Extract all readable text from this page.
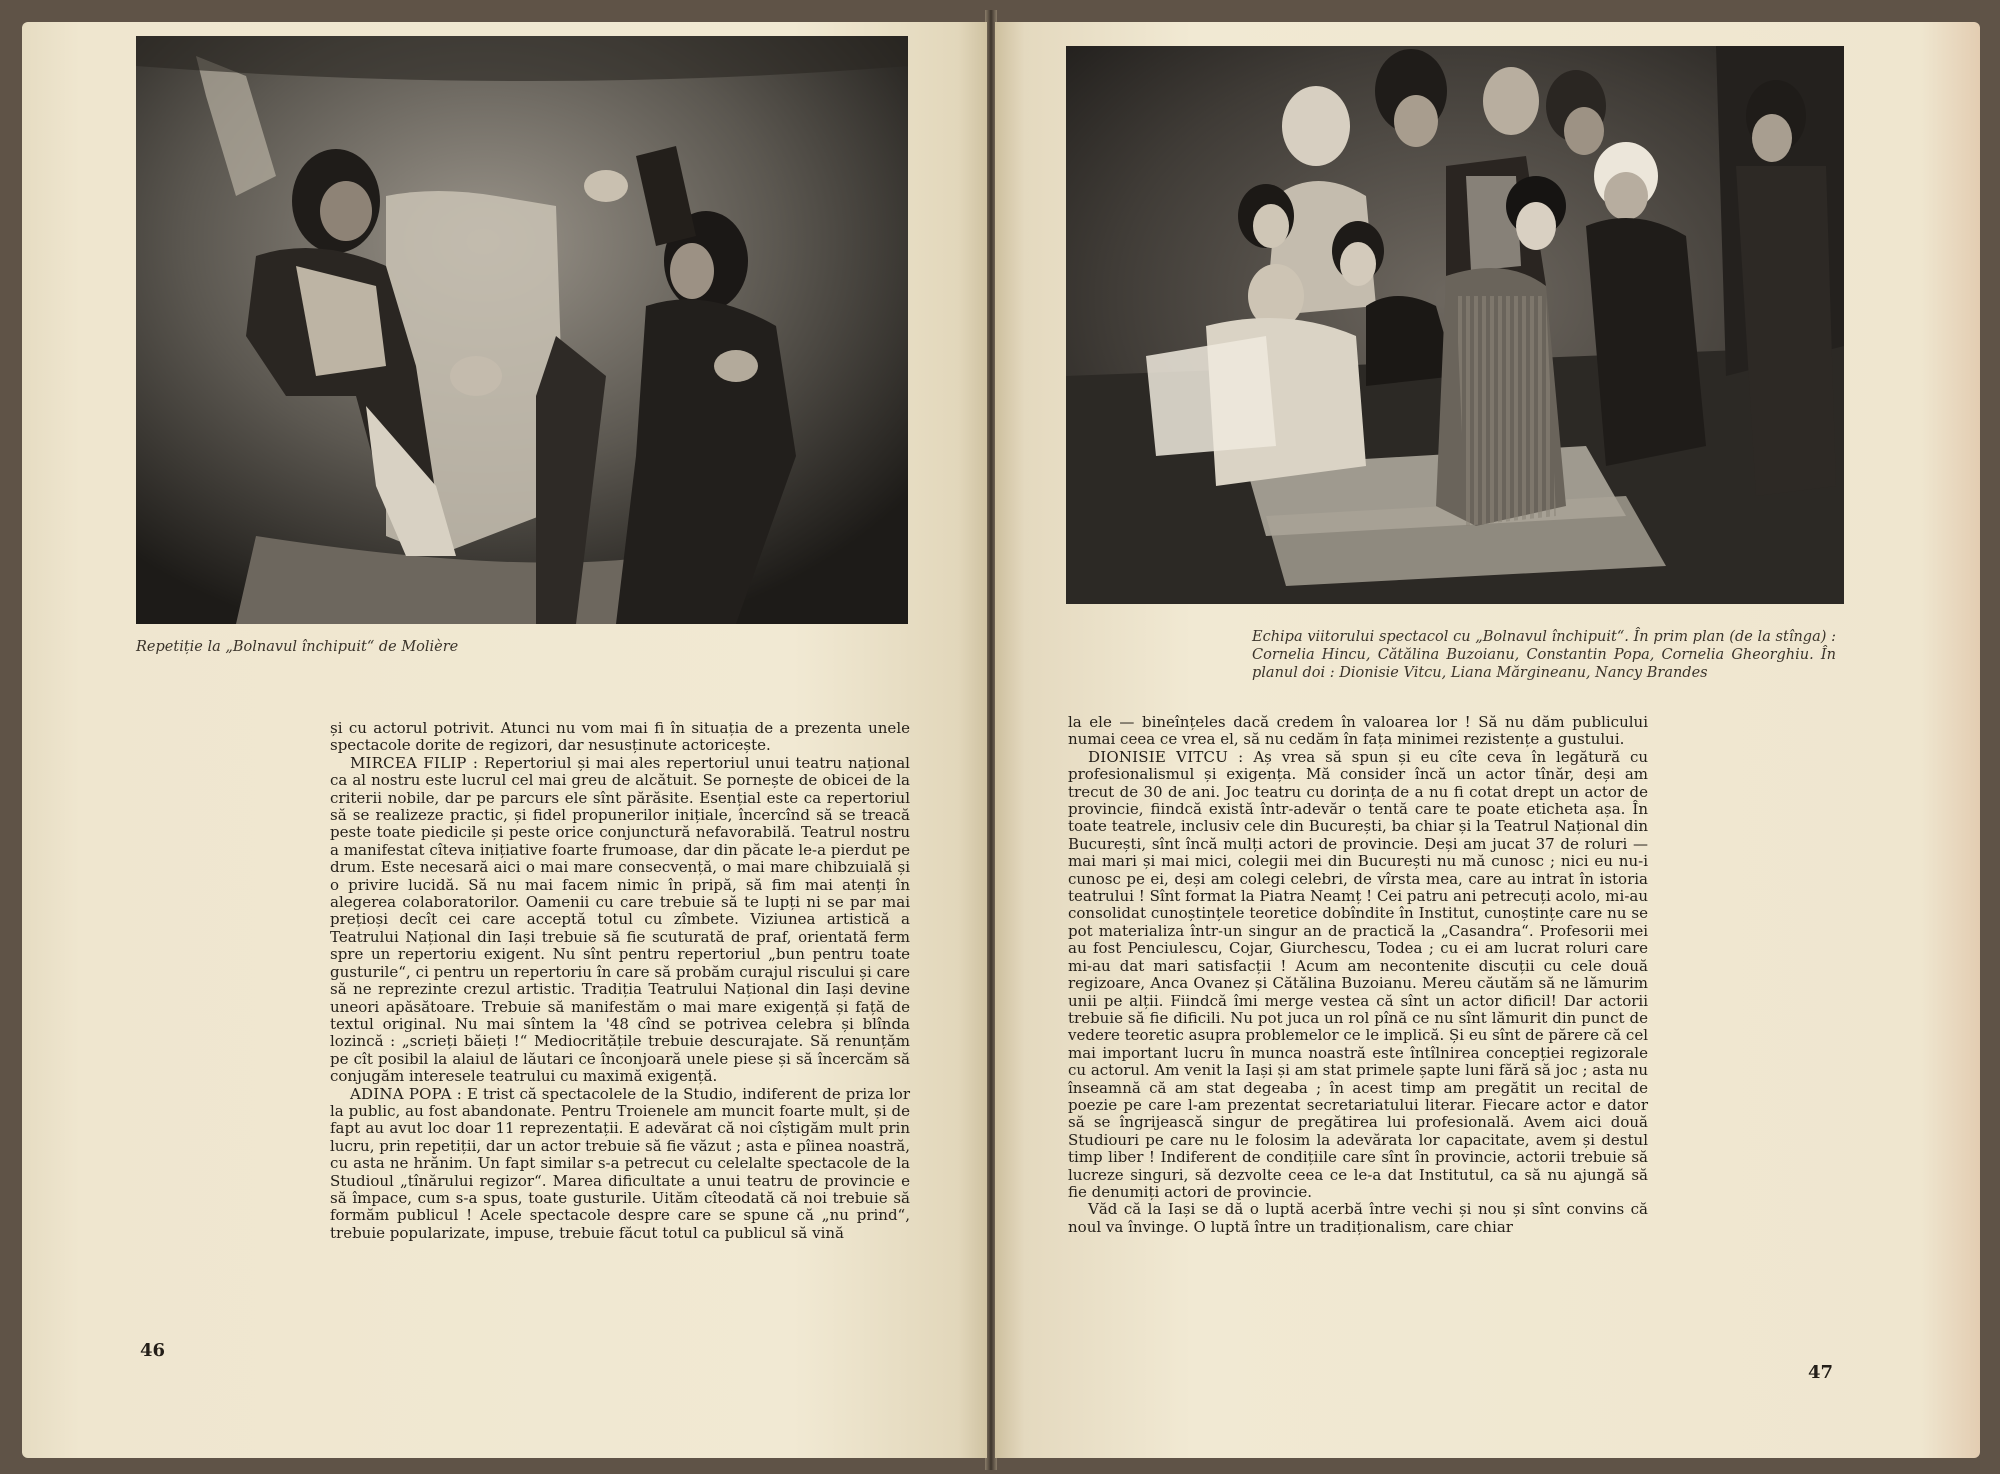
Repetiție la „Bolnavul închipuit“ de Molière

și cu actorul potrivit. Atunci nu vom mai fi în situația de a prezenta unele spectacole dorite de regizori, dar nesusținute actoricește.

MIRCEA FILIP : Repertoriul și mai ales repertoriul unui teatru național ca al nostru este lucrul cel mai greu de alcătuit. Se pornește de obicei de la criterii nobile, dar pe parcurs ele sînt părăsite. Esențial este ca repertoriul să se realizeze practic, și fidel propunerilor inițiale, încercînd să se treacă peste toate piedicile și peste orice conjunctură nefavorabilă. Teatrul nostru a manifestat cîteva inițiative foarte frumoase, dar din păcate le-a pierdut pe drum. Este necesară aici o mai mare consecvență, o mai mare chibzuială și o privire lucidă. Să nu mai facem nimic în pripă, să fim mai atenți în alegerea colaboratorilor. Oamenii cu care trebuie să te lupți ni se par mai prețioși decît cei care acceptă totul cu zîmbete. Viziunea artistică a Teatrului Național din Iași trebuie să fie scuturată de praf, orientată ferm spre un repertoriu exigent. Nu sînt pentru repertoriul „bun pentru toate gusturile“, ci pentru un repertoriu în care să probăm curajul riscului și care să ne reprezinte crezul artistic. Tradiția Teatrului Național din Iași devine uneori apăsătoare. Trebuie să manifestăm o mai mare exigență și față de textul original. Nu mai sîntem la '48 cînd se potrivea celebra și blînda lozincă : „scrieți băieți !“ Mediocritățile trebuie descurajate. Să renunțăm pe cît posibil la alaiul de lăutari ce înconjoară unele piese și să încercăm să conjugăm interesele teatrului cu maximă exigență.

ADINA POPA : E trist că spectacolele de la Studio, indiferent de priza lor la public, au fost abandonate. Pentru Troienele am muncit foarte mult, și de fapt au avut loc doar 11 reprezentații. E adevărat că noi cîștigăm mult prin lucru, prin repetiții, dar un actor trebuie să fie văzut ; asta e pîinea noastră, cu asta ne hrănim. Un fapt similar s-a petrecut cu celelalte spectacole de la Studioul „tînărului regizor“. Marea dificultate a unui teatru de provincie e să împace, cum s-a spus, toate gusturile. Uităm cîteodată că noi trebuie să formăm publicul ! Acele spectacole despre care se spune că „nu prind“, trebuie popularizate, impuse, trebuie făcut totul ca publicul să vină

46
Echipa viitorului spectacol cu „Bolnavul închipuit“. În prim plan (de la stînga) : Cornelia Hincu, Cătălina Buzoianu, Constantin Popa, Cornelia Gheorghiu. În planul doi : Dionisie Vitcu, Liana Mărgineanu, Nancy Brandes

la ele — bineînțeles dacă credem în valoarea lor ! Să nu dăm publicului numai ceea ce vrea el, să nu cedăm în fața minimei rezistențe a gustului.

DIONISIE VITCU : Aș vrea să spun și eu cîte ceva în legătură cu profesionalismul și exigența. Mă consider încă un actor tînăr, deși am trecut de 30 de ani. Joc teatru cu dorința de a nu fi cotat drept un actor de provincie, fiindcă există într-adevăr o tentă care te poate eticheta așa. În toate teatrele, inclusiv cele din București, ba chiar și la Teatrul Național din București, sînt încă mulți actori de provincie. Deși am jucat 37 de roluri — mai mari și mai mici, colegii mei din București nu mă cunosc ; nici eu nu-i cunosc pe ei, deși am colegi celebri, de vîrsta mea, care au intrat în istoria teatrului ! Sînt format la Piatra Neamț ! Cei patru ani petrecuți acolo, mi-au consolidat cunoștințele teoretice dobîndite în Institut, cunoștințe care nu se pot materializa într-un singur an de practică la „Casandra“. Profesorii mei au fost Penciulescu, Cojar, Giurchescu, Todea ; cu ei am lucrat roluri care mi-au dat mari satisfacții ! Acum am necontenite discuții cu cele două regizoare, Anca Ovanez și Cătălina Buzoianu. Mereu căutăm să ne lămurim unii pe alții. Fiindcă îmi merge vestea că sînt un actor dificil! Dar actorii trebuie să fie dificili. Nu pot juca un rol pînă ce nu sînt lămurit din punct de vedere teoretic asupra problemelor ce le implică. Și eu sînt de părere că cel mai important lucru în munca noastră este întîlnirea concepției regizorale cu actorul. Am venit la Iași și am stat primele șapte luni fără să joc ; asta nu înseamnă că am stat degeaba ; în acest timp am pregătit un recital de poezie pe care l-am prezentat secretariatului literar. Fiecare actor e dator să se îngrijească singur de pregătirea lui profesională. Avem aici două Studiouri pe care nu le folosim la adevărata lor capacitate, avem și destul timp liber ! Indiferent de condițiile care sînt în provincie, actorii trebuie să lucreze singuri, să dezvolte ceea ce le-a dat Institutul, ca să nu ajungă să fie denumiți actori de provincie.

Văd că la Iași se dă o luptă acerbă între vechi și nou și sînt convins că noul va învinge. O luptă între un tradiționalism, care chiar

47
